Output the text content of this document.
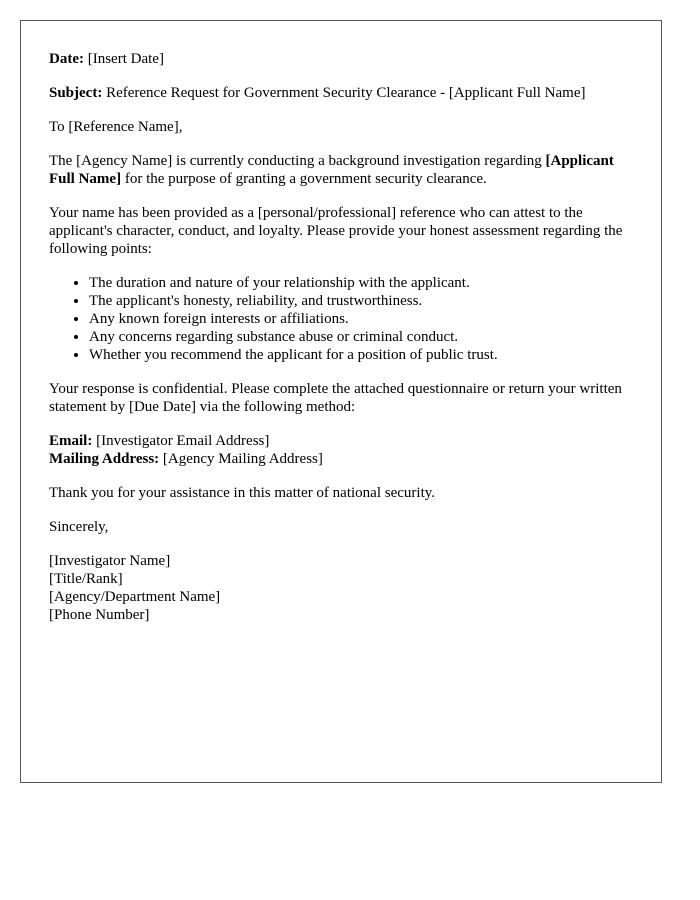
Date: [Insert Date]

Subject: Reference Request for Government Security Clearance - [Applicant Full Name]

To [Reference Name],

The [Agency Name] is currently conducting a background investigation regarding [Applicant Full Name] for the purpose of granting a government security clearance.

Your name has been provided as a [personal/professional] reference who can attest to the applicant's character, conduct, and loyalty. Please provide your honest assessment regarding the following points:

• The duration and nature of your relationship with the applicant.
• The applicant's honesty, reliability, and trustworthiness.
• Any known foreign interests or affiliations.
• Any concerns regarding substance abuse or criminal conduct.
• Whether you recommend the applicant for a position of public trust.

Your response is confidential. Please complete the attached questionnaire or return your written statement by [Due Date] via the following method:

Email: [Investigator Email Address]
Mailing Address: [Agency Mailing Address]

Thank you for your assistance in this matter of national security.

Sincerely,

[Investigator Name]
[Title/Rank]
[Agency/Department Name]
[Phone Number]
